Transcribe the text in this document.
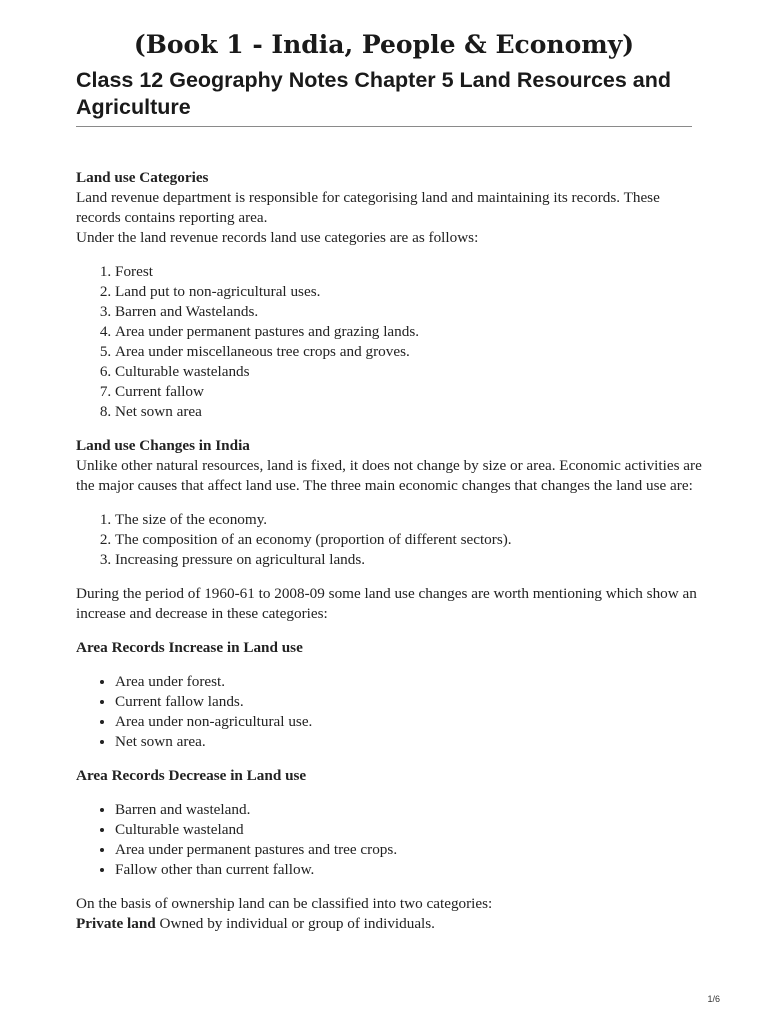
(Book 1 - India, People & Economy)
Class 12 Geography Notes Chapter 5 Land Resources and Agriculture

Land use Categories

Land revenue department is responsible for categorising land and maintaining its records. These records contains reporting area.

Under the land revenue records land use categories are as follows:

1. Forest
2. Land put to non-agricultural uses.
3. Barren and Wastelands.
4. Area under permanent pastures and grazing lands.
5. Area under miscellaneous tree crops and groves.
6. Culturable wastelands
7. Current fallow
8. Net sown area

Land use Changes in India

Unlike other natural resources, land is fixed, it does not change by size or area. Economic activities are the major causes that affect land use. The three main economic changes that changes the land use are:

1. The size of the economy.
2. The composition of an economy (proportion of different sectors).
3. Increasing pressure on agricultural lands.

During the period of 1960-61 to 2008-09 some land use changes are worth mentioning which show an increase and decrease in these categories:

Area Records Increase in Land use

• Area under forest.
• Current fallow lands.
• Area under non-agricultural use.
• Net sown area.

Area Records Decrease in Land use

• Barren and wasteland.
• Culturable wasteland
• Area under permanent pastures and tree crops.
• Fallow other than current fallow.

On the basis of ownership land can be classified into two categories:

Private land Owned by individual or group of individuals.

1/6
